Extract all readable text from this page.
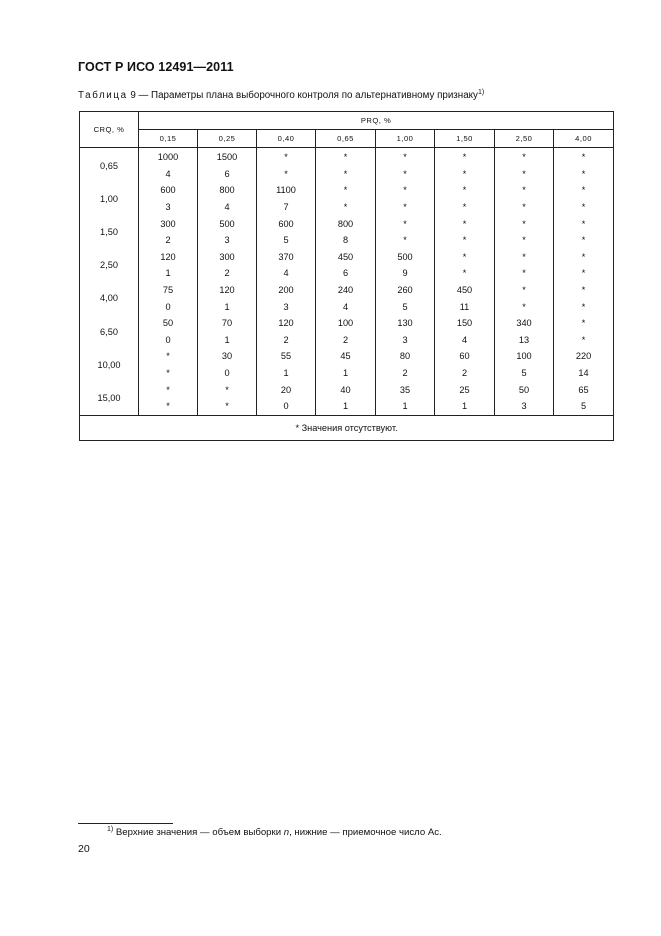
ГОСТ Р ИСО 12491—2011
Таблица 9 — Параметры плана выборочного контроля по альтернативному признаку$^{1)}$
CRQ, %	PRQ, %							
	0,15	0,25	0,40	0,65	1,00	1,50	2,50	4,00
0,65	1000	1500	*	*	*	*	*	*
	4	6	*	*	*	*	*	*
1,00	600	800	1100	*	*	*	*	*
	3	4	7	*	*	*	*	*
1,50	300	500	600	800	*	*	*	*
	2	3	5	8	*	*	*	*
2,50	120	300	370	450	500	*	*	*
	1	2	4	6	9	*	*	*
4,00	75	120	200	240	260	450	*	*
	0	1	3	4	5	11	*	*
6,50	50	70	120	100	130	150	340	*
	0	1	2	2	3	4	13	*
10,00	*	30	55	45	80	60	100	220
	*	0	1	1	2	2	5	14
15,00	*	*	20	40	35	25	50	65
	*	*	0	1	1	1	3	5
* Значения отсутствуют.								
$^{1)}$ Верхние значения — объем выборки n, нижние — приемочное число Ac.
20
